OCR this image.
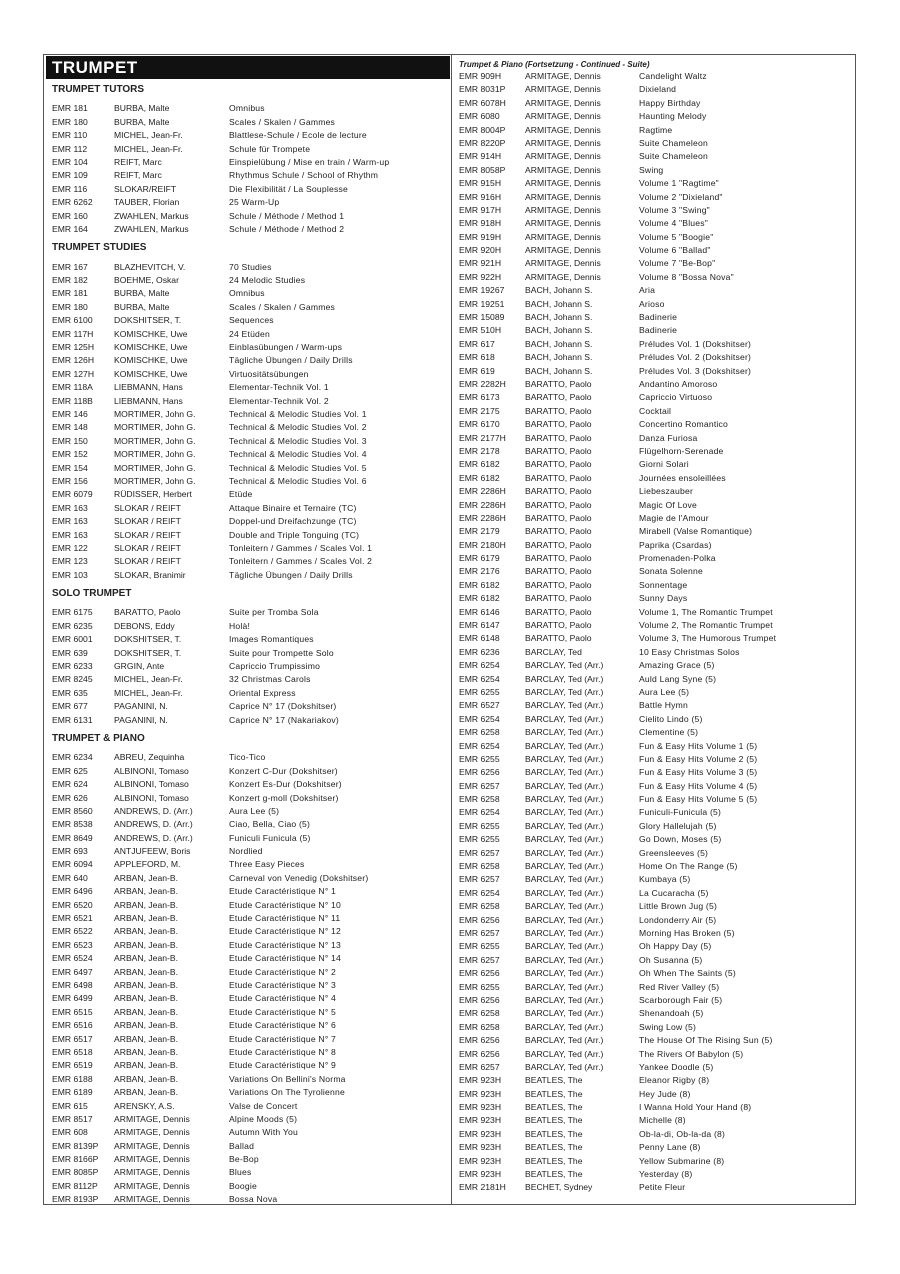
TRUMPET
TRUMPET TUTORS
EMR 181	BURBA, Malte	Omnibus
EMR 180	BURBA, Malte	Scales / Skalen / Gammes
EMR 110	MICHEL, Jean-Fr.	Blattlese-Schule / Ecole de lecture
EMR 112	MICHEL, Jean-Fr.	Schule für Trompete
EMR 104	REIFT, Marc	Einspielübung / Mise en train / Warm-up
EMR 109	REIFT, Marc	Rhythmus Schule / School of Rhythm
EMR 116	SLOKAR/REIFT	Die Flexibilität / La Souplesse
EMR 6262	TAUBER, Florian	25 Warm-Up
EMR 160	ZWAHLEN, Markus	Schule / Méthode / Method 1
EMR 164	ZWAHLEN, Markus	Schule / Méthode / Method 2
TRUMPET STUDIES
EMR 167	BLAZHEVITCH, V.	70 Studies
EMR 182	BOEHME, Oskar	24 Melodic Studies
EMR 181	BURBA, Malte	Omnibus
EMR 180	BURBA, Malte	Scales / Skalen / Gammes
EMR 6100	DOKSHITSER, T.	Sequences
EMR 117H	KOMISCHKE, Uwe	24 Etüden
EMR 125H	KOMISCHKE, Uwe	Einblasübungen / Warm-ups
EMR 126H	KOMISCHKE, Uwe	Tägliche Übungen / Daily Drills
EMR 127H	KOMISCHKE, Uwe	Virtuositätsübungen
EMR 118A	LIEBMANN, Hans	Elementar-Technik Vol. 1
EMR 118B	LIEBMANN, Hans	Elementar-Technik Vol. 2
EMR 146	MORTIMER, John G.	Technical & Melodic Studies Vol. 1
EMR 148	MORTIMER, John G.	Technical & Melodic Studies Vol. 2
EMR 150	MORTIMER, John G.	Technical & Melodic Studies Vol. 3
EMR 152	MORTIMER, John G.	Technical & Melodic Studies Vol. 4
EMR 154	MORTIMER, John G.	Technical & Melodic Studies Vol. 5
EMR 156	MORTIMER, John G.	Technical & Melodic Studies Vol. 6
EMR 6079	RÜDISSER, Herbert	Etüde
EMR 163	SLOKAR / REIFT	Attaque Binaire et Ternaire (TC)
EMR 163	SLOKAR / REIFT	Doppel-und Dreifachzunge (TC)
EMR 163	SLOKAR / REIFT	Double and Triple Tonguing (TC)
EMR 122	SLOKAR / REIFT	Tonleitern / Gammes / Scales Vol. 1
EMR 123	SLOKAR / REIFT	Tonleitern / Gammes / Scales Vol. 2
EMR 103	SLOKAR, Branimir	Tägliche Übungen / Daily Drills
SOLO TRUMPET
EMR 6175	BARATTO, Paolo	Suite per Tromba Sola
EMR 6235	DEBONS, Eddy	Holà!
EMR 6001	DOKSHITSER, T.	Images Romantiques
EMR 639	DOKSHITSER, T.	Suite pour Trompette Solo
EMR 6233	GRGIN, Ante	Capriccio Trumpissimo
EMR 8245	MICHEL, Jean-Fr.	32 Christmas Carols
EMR 635	MICHEL, Jean-Fr.	Oriental Express
EMR 677	PAGANINI, N.	Caprice N° 17 (Dokshitser)
EMR 6131	PAGANINI, N.	Caprice N° 17 (Nakariakov)
TRUMPET & PIANO
EMR 6234	ABREU, Zequinha	Tico-Tico
EMR 625	ALBINONI, Tomaso	Konzert C-Dur (Dokshitser)
EMR 624	ALBINONI, Tomaso	Konzert Es-Dur (Dokshitser)
EMR 626	ALBINONI, Tomaso	Konzert g-moll (Dokshitser)
EMR 8560	ANDREWS, D. (Arr.)	Aura Lee (5)
EMR 8538	ANDREWS, D. (Arr.)	Ciao, Bella, Ciao (5)
EMR 8649	ANDREWS, D. (Arr.)	Funiculi Funicula (5)
EMR 693	ANTJUFEEW, Boris	Nordlied
EMR 6094	APPLEFORD, M.	Three Easy Pieces
EMR 640	ARBAN, Jean-B.	Carneval von Venedig (Dokshitser)
EMR 6496	ARBAN, Jean-B.	Etude Caractéristique N° 1
EMR 6520	ARBAN, Jean-B.	Etude Caractéristique N° 10
EMR 6521	ARBAN, Jean-B.	Etude Caractéristique N° 11
EMR 6522	ARBAN, Jean-B.	Etude Caractéristique N° 12
EMR 6523	ARBAN, Jean-B.	Etude Caractéristique N° 13
EMR 6524	ARBAN, Jean-B.	Etude Caractéristique N° 14
EMR 6497	ARBAN, Jean-B.	Etude Caractéristique N° 2
EMR 6498	ARBAN, Jean-B.	Etude Caractéristique N° 3
EMR 6499	ARBAN, Jean-B.	Etude Caractéristique N° 4
EMR 6515	ARBAN, Jean-B.	Etude Caractéristique N° 5
EMR 6516	ARBAN, Jean-B.	Etude Caractéristique N° 6
EMR 6517	ARBAN, Jean-B.	Etude Caractéristique N° 7
EMR 6518	ARBAN, Jean-B.	Etude Caractéristique N° 8
EMR 6519	ARBAN, Jean-B.	Etude Caractéristique N° 9
EMR 6188	ARBAN, Jean-B.	Variations On Bellini's Norma
EMR 6189	ARBAN, Jean-B.	Variations On The Tyrolienne
EMR 615	ARENSKY, A.S.	Valse de Concert
EMR 8517	ARMITAGE, Dennis	Alpine Moods (5)
EMR 608	ARMITAGE, Dennis	Autumn With You
EMR 8139P	ARMITAGE, Dennis	Ballad
EMR 8166P	ARMITAGE, Dennis	Be-Bop
EMR 8085P	ARMITAGE, Dennis	Blues
EMR 8112P	ARMITAGE, Dennis	Boogie
EMR 8193P	ARMITAGE, Dennis	Bossa Nova
Trumpet & Piano (Fortsetzung - Continued - Suite)
EMR 909H	ARMITAGE, Dennis	Candelight Waltz
EMR 8031P	ARMITAGE, Dennis	Dixieland
EMR 6078H	ARMITAGE, Dennis	Happy Birthday
EMR 6080	ARMITAGE, Dennis	Haunting Melody
EMR 8004P	ARMITAGE, Dennis	Ragtime
EMR 8220P	ARMITAGE, Dennis	Suite Chameleon
EMR 914H	ARMITAGE, Dennis	Suite Chameleon
EMR 8058P	ARMITAGE, Dennis	Swing
EMR 915H	ARMITAGE, Dennis	Volume 1 "Ragtime"
EMR 916H	ARMITAGE, Dennis	Volume 2 "Dixieland"
EMR 917H	ARMITAGE, Dennis	Volume 3 "Swing"
EMR 918H	ARMITAGE, Dennis	Volume 4 "Blues"
EMR 919H	ARMITAGE, Dennis	Volume 5 "Boogie"
EMR 920H	ARMITAGE, Dennis	Volume 6 "Ballad"
EMR 921H	ARMITAGE, Dennis	Volume 7 "Be-Bop"
EMR 922H	ARMITAGE, Dennis	Volume 8 "Bossa Nova"
EMR 19267	BACH, Johann S.	Aria
EMR 19251	BACH, Johann S.	Arioso
EMR 15089	BACH, Johann S.	Badinerie
EMR 510H	BACH, Johann S.	Badinerie
EMR 617	BACH, Johann S.	Préludes Vol. 1 (Dokshitser)
EMR 618	BACH, Johann S.	Préludes Vol. 2 (Dokshitser)
EMR 619	BACH, Johann S.	Préludes Vol. 3 (Dokshitser)
EMR 2282H	BARATTO, Paolo	Andantino Amoroso
EMR 6173	BARATTO, Paolo	Capriccio Virtuoso
EMR 2175	BARATTO, Paolo	Cocktail
EMR 6170	BARATTO, Paolo	Concertino Romantico
EMR 2177H	BARATTO, Paolo	Danza Furiosa
EMR 2178	BARATTO, Paolo	Flügelhorn-Serenade
EMR 6182	BARATTO, Paolo	Giorni Solari
EMR 6182	BARATTO, Paolo	Journées ensoleillées
EMR 2286H	BARATTO, Paolo	Liebeszauber
EMR 2286H	BARATTO, Paolo	Magic Of Love
EMR 2286H	BARATTO, Paolo	Magie de l'Amour
EMR 2179	BARATTO, Paolo	Mirabell (Valse Romantique)
EMR 2180H	BARATTO, Paolo	Paprika (Csardas)
EMR 6179	BARATTO, Paolo	Promenaden-Polka
EMR 2176	BARATTO, Paolo	Sonata Solenne
EMR 6182	BARATTO, Paolo	Sonnentage
EMR 6182	BARATTO, Paolo	Sunny Days
EMR 6146	BARATTO, Paolo	Volume 1, The Romantic Trumpet
EMR 6147	BARATTO, Paolo	Volume 2, The Romantic Trumpet
EMR 6148	BARATTO, Paolo	Volume 3, The Humorous Trumpet
EMR 6236	BARCLAY, Ted	10 Easy Christmas Solos
EMR 6254	BARCLAY, Ted (Arr.)	Amazing Grace (5)
EMR 6254	BARCLAY, Ted (Arr.)	Auld Lang Syne (5)
EMR 6255	BARCLAY, Ted (Arr.)	Aura Lee (5)
EMR 6527	BARCLAY, Ted (Arr.)	Battle Hymn
EMR 6254	BARCLAY, Ted (Arr.)	Cielito Lindo (5)
EMR 6258	BARCLAY, Ted (Arr.)	Clementine (5)
EMR 6254	BARCLAY, Ted (Arr.)	Fun & Easy Hits Volume 1 (5)
EMR 6255	BARCLAY, Ted (Arr.)	Fun & Easy Hits Volume 2 (5)
EMR 6256	BARCLAY, Ted (Arr.)	Fun & Easy Hits Volume 3 (5)
EMR 6257	BARCLAY, Ted (Arr.)	Fun & Easy Hits Volume 4 (5)
EMR 6258	BARCLAY, Ted (Arr.)	Fun & Easy Hits Volume 5 (5)
EMR 6254	BARCLAY, Ted (Arr.)	Funiculi-Funicula (5)
EMR 6255	BARCLAY, Ted (Arr.)	Glory Hallelujah (5)
EMR 6255	BARCLAY, Ted (Arr.)	Go Down, Moses (5)
EMR 6257	BARCLAY, Ted (Arr.)	Greensleeves (5)
EMR 6258	BARCLAY, Ted (Arr.)	Home On The Range (5)
EMR 6257	BARCLAY, Ted (Arr.)	Kumbaya (5)
EMR 6254	BARCLAY, Ted (Arr.)	La Cucaracha (5)
EMR 6258	BARCLAY, Ted (Arr.)	Little Brown Jug (5)
EMR 6256	BARCLAY, Ted (Arr.)	Londonderry Air (5)
EMR 6257	BARCLAY, Ted (Arr.)	Morning Has Broken (5)
EMR 6255	BARCLAY, Ted (Arr.)	Oh Happy Day (5)
EMR 6257	BARCLAY, Ted (Arr.)	Oh Susanna (5)
EMR 6256	BARCLAY, Ted (Arr.)	Oh When The Saints (5)
EMR 6255	BARCLAY, Ted (Arr.)	Red River Valley (5)
EMR 6256	BARCLAY, Ted (Arr.)	Scarborough Fair (5)
EMR 6258	BARCLAY, Ted (Arr.)	Shenandoah (5)
EMR 6258	BARCLAY, Ted (Arr.)	Swing Low (5)
EMR 6256	BARCLAY, Ted (Arr.)	The House Of The Rising Sun (5)
EMR 6256	BARCLAY, Ted (Arr.)	The Rivers Of Babylon (5)
EMR 6257	BARCLAY, Ted (Arr.)	Yankee Doodle (5)
EMR 923H	BEATLES, The	Eleanor Rigby (8)
EMR 923H	BEATLES, The	Hey Jude (8)
EMR 923H	BEATLES, The	I Wanna Hold Your Hand (8)
EMR 923H	BEATLES, The	Michelle (8)
EMR 923H	BEATLES, The	Ob-la-di, Ob-la-da (8)
EMR 923H	BEATLES, The	Penny Lane (8)
EMR 923H	BEATLES, The	Yellow Submarine (8)
EMR 923H	BEATLES, The	Yesterday (8)
EMR 2181H	BECHET, Sydney	Petite Fleur
